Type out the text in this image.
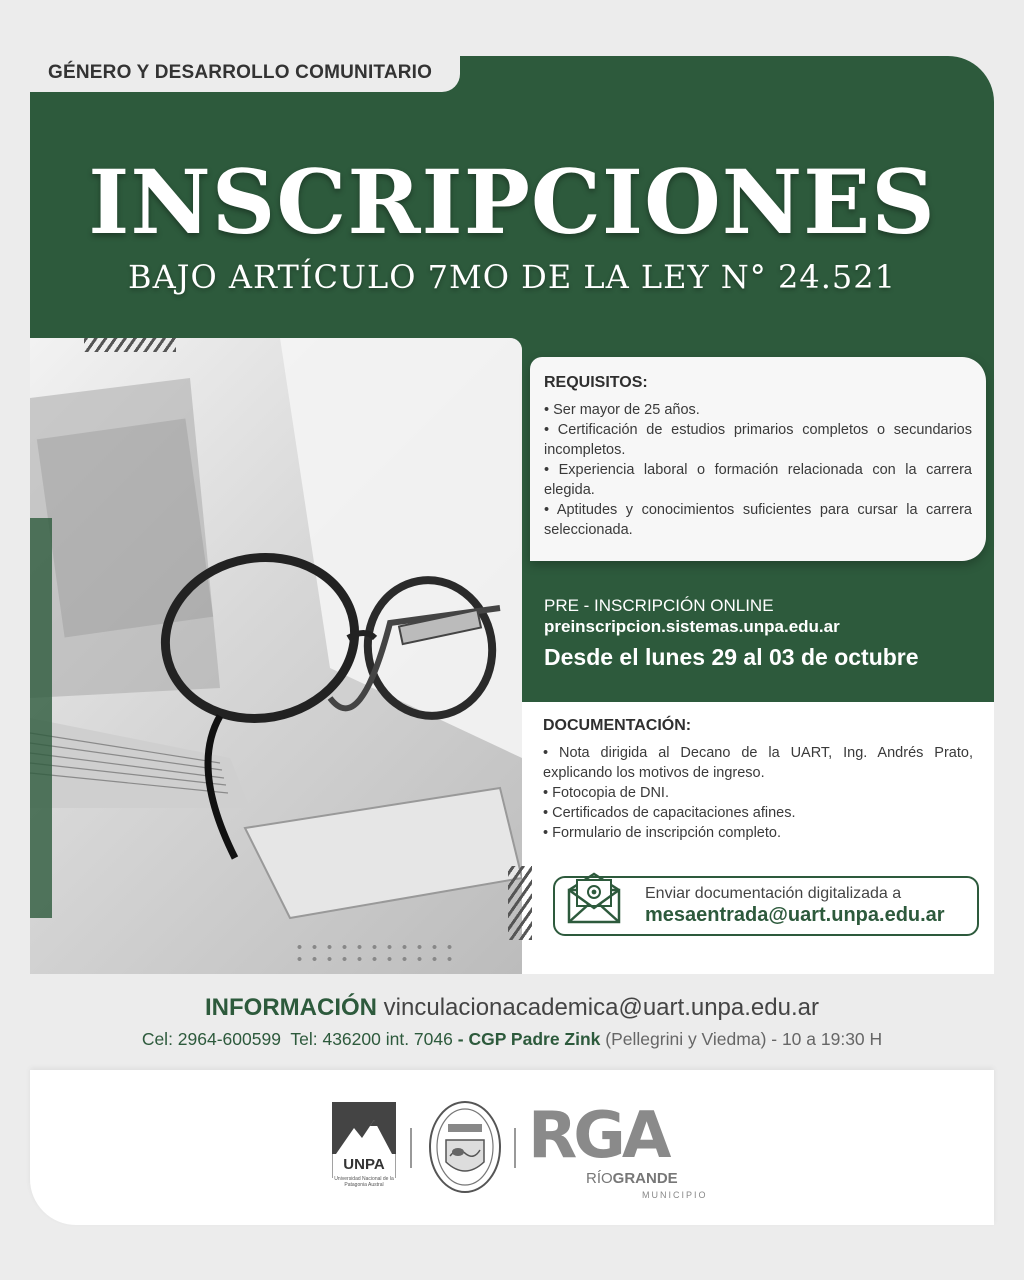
GÉNERO Y DESARROLLO COMUNITARIO
INSCRIPCIONES
BAJO ARTÍCULO 7MO DE LA LEY N° 24.521
REQUISITOS:

• Ser mayor de 25 años.

• Certificación de estudios primarios completos o secundarios incompletos.

• Experiencia laboral o formación relacionada con la carrera elegida.

• Aptitudes y conocimientos suficientes para cursar la carrera seleccionada.

PRE - INSCRIPCIÓN ONLINE
preinscripcion.sistemas.unpa.edu.ar
Desde el lunes 29 al 03 de octubre
DOCUMENTACIÓN:

• Nota dirigida al Decano de la UART, Ing. Andrés Prato, explicando los motivos de ingreso.

• Fotocopia de DNI.

• Certificados de capacitaciones afines.

• Formulario de inscripción completo.

Enviar documentación digitalizada a
mesaentrada@uart.unpa.edu.ar
INFORMACIÓN vinculacionacademica@uart.unpa.edu.ar
Cel: 2964-600599 Tel: 436200 int. 7046 - CGP Padre Zink (Pellegrini y Viedma) - 10 a 19:30 H
UNPA
Universidad Nacional de la Patagonia Austral
RGA
RÍOGRANDE
MUNICIPIO
